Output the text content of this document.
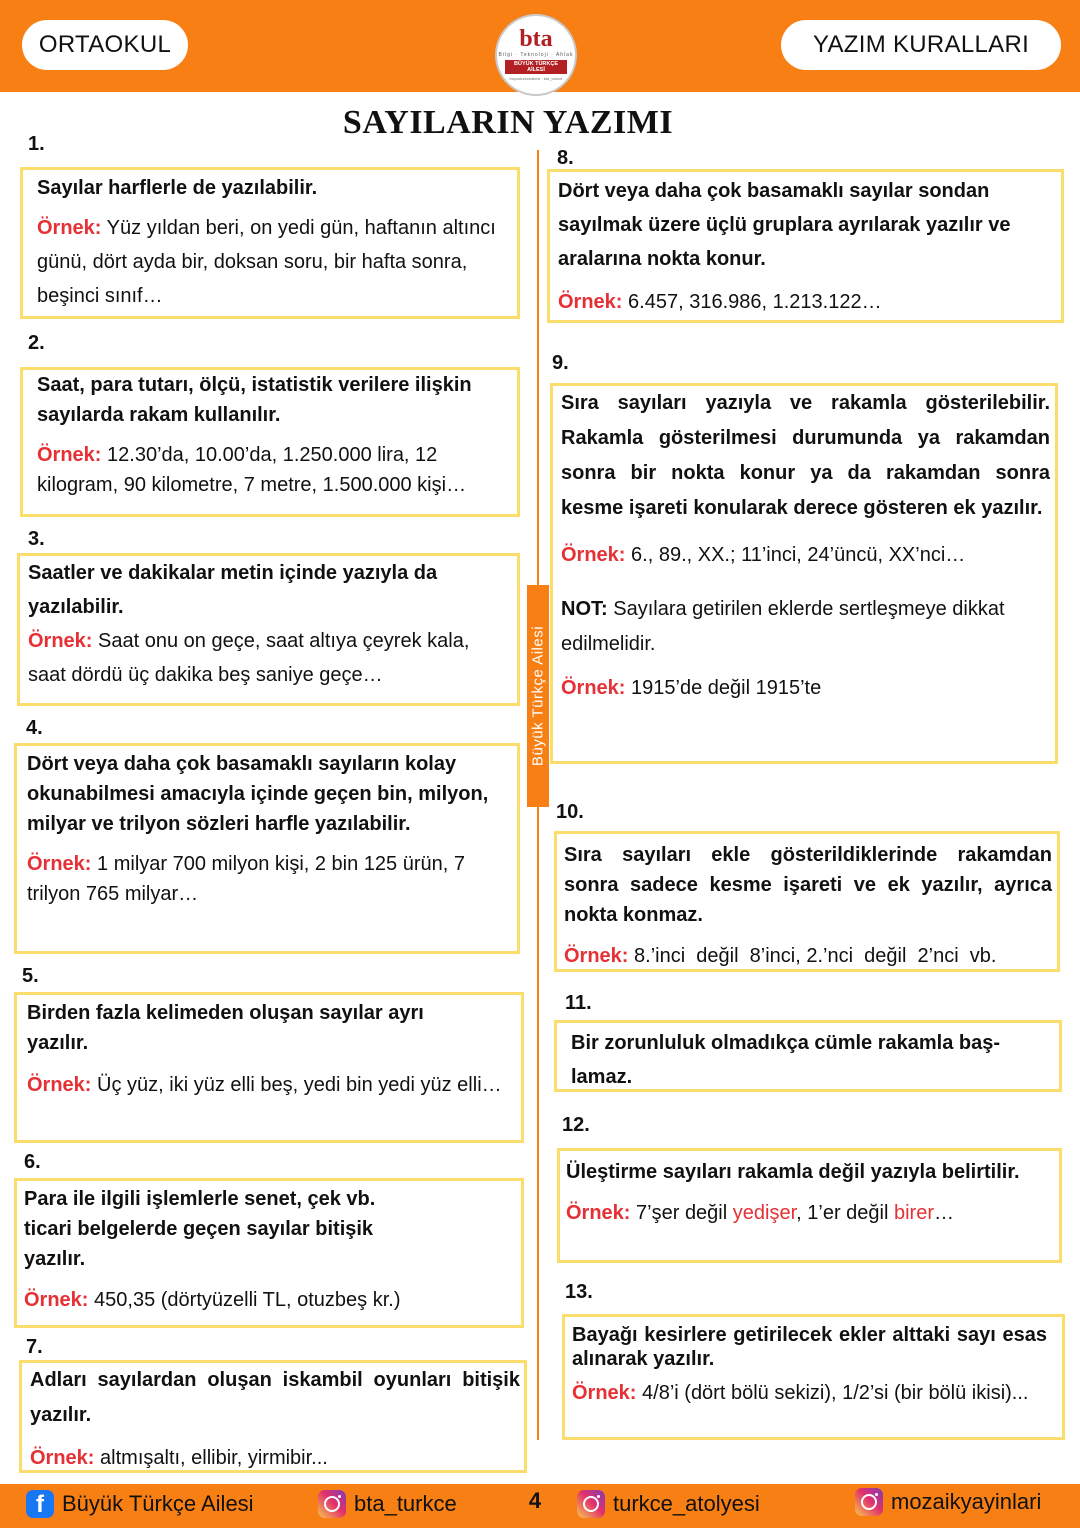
ORTAOKUL	YAZIM KURALLARI
bta
Bilgi · Teknoloji · Ahlak
BÜYÜK TÜRKÇE AİLESİ
buyukturkceailesi · bta_turkce
SAYILARIN YAZIMI
Büyük Türkçe Ailesi
1.

Sayılar harflerle de yazılabilir.

Örnek: Yüz yıldan beri, on yedi gün, haftanın altıncı günü, dört ayda bir, doksan soru, bir hafta sonra, beşinci sınıf…

2.

Saat, para tutarı, ölçü, istatistik verilere ilişkin sayılarda rakam kullanılır.

Örnek: 12.30’da, 10.00’da, 1.250.000 lira, 12 kilogram, 90 kilometre, 7 metre, 1.500.000 kişi…

3.

Saatler ve dakikalar metin içinde yazıyla da yazılabilir.

Örnek: Saat onu on geçe, saat altıya çeyrek kala, saat dördü üç dakika beş saniye geçe…

4.

Dört veya daha çok basamaklı sayıların kolay okunabilmesi amacıyla içinde geçen bin, milyon, milyar ve trilyon sözleri harfle yazılabilir.

Örnek: 1 milyar 700 milyon kişi, 2 bin 125 ürün, 7 trilyon 765 milyar…

5.

Birden fazla kelimeden oluşan sayılar ayrı yazılır.

Örnek: Üç yüz, iki yüz elli beş, yedi bin yedi yüz elli…

6.

Para ile ilgili işlemlerle senet, çek vb. ticari belgelerde geçen sayılar bitişik yazılır.

Örnek: 450,35 (dörtyüzelli TL, otuzbeş kr.)

7.

Adları sayılardan oluşan iskambil oyunları bitişik yazılır.

Örnek: altmışaltı, ellibir, yirmibir...

8.

Dört veya daha çok basamaklı sayılar sondan sayılmak üzere üçlü gruplara ayrılarak yazılır ve aralarına nokta konur.

Örnek: 6.457, 316.986, 1.213.122…

9.

Sıra sayıları yazıyla ve rakamla gösterilebilir. Rakamla gösterilmesi durumunda ya rakamdan sonra bir nokta konur ya da rakamdan sonra kesme işareti konularak derece gösteren ek yazılır.

Örnek: 6., 89., XX.; 11’inci, 24’üncü, XX’nci…

NOT: Sayılara getirilen eklerde sertleşmeye dikkat edilmelidir.

Örnek: 1915’de değil 1915’te

10.

Sıra sayıları ekle gösterildiklerinde rakamdan sonra sadece kesme işareti ve ek yazılır, ayrıca nokta konmaz.

Örnek: 8.’inci  değil  8’inci, 2.’nci  değil  2’nci  vb.

11.

Bir zorunluluk olmadıkça cümle rakamla baş-

lamaz.

12.

Üleştirme sayıları rakamla değil yazıyla belirtilir.

Örnek: 7’şer değil yedişer, 1’er değil birer…

13.

Bayağı kesirlere getirilecek ekler alttaki sayı esas alınarak yazılır.

Örnek: 4/8’i (dört bölü sekizi), 1/2’si (bir bölü ikisi)...

f Büyük Türkçe Ailesi	bta_turkce	4	turkce_atolyesi	mozaikyayinlari
